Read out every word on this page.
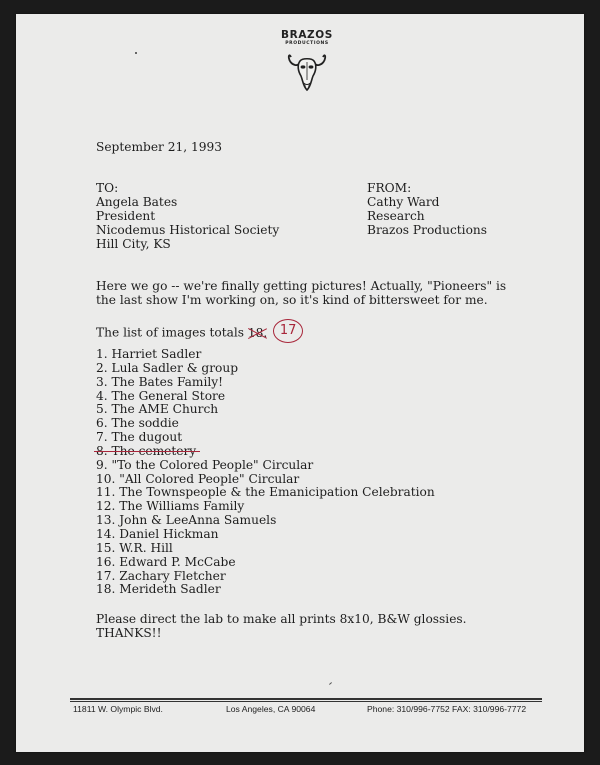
BRAZOS
PRODUCTIONS
September 21, 1993
TO:
Angela Bates
President
Nicodemus Historical Society
Hill City, KS
FROM:
Cathy Ward
Research
Brazos Productions
Here we go -- we're finally getting pictures! Actually, "Pioneers" is
the last show I'm working on, so it's kind of bittersweet for me.
The list of images totals 18. 17
1. Harriet Sadler
2. Lula Sadler & group
3. The Bates Family!
4. The General Store
5. The AME Church
6. The soddie
7. The dugout
8. The cemetery
9. "To the Colored People" Circular
10. "All Colored People" Circular
11. The Townspeople & the Emanicipation Celebration
12. The Williams Family
13. John & LeeAnna Samuels
14. Daniel Hickman
15. W.R. Hill
16. Edward P. McCabe
17. Zachary Fletcher
18. Merideth Sadler
Please direct the lab to make all prints 8x10, B&W glossies.
THANKS!!
11811 W. Olympic Blvd.	Los Angeles, CA 90064	Phone: 310/996-7752 FAX: 310/996-7772
